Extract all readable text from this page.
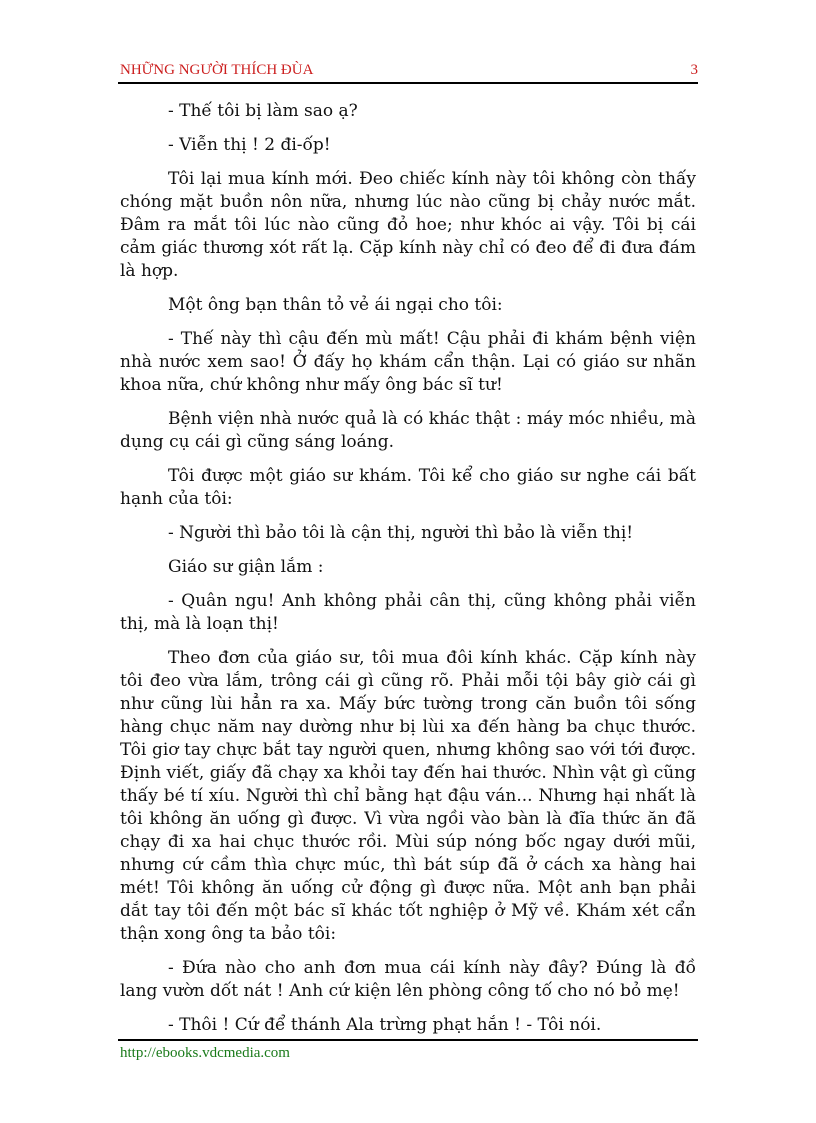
NHỮNG NGƯỜI THÍCH ĐÙA	3

- Thế tôi bị làm sao ạ?

- Viễn thị ! 2 đi-ốp!

Tôi lại mua kính mới. Đeo chiếc kính này tôi không còn thấy chóng mặt buồn nôn nữa, nhưng lúc nào cũng bị chảy nước mắt. Đâm ra mắt tôi lúc nào cũng đỏ hoe; như khóc ai vậy. Tôi bị cái cảm giác thương xót rất lạ. Cặp kính này chỉ có đeo để đi đưa đám là hợp.

Một ông bạn thân tỏ vẻ ái ngại cho tôi:

- Thế này thì cậu đến mù mất! Cậu phải đi khám bệnh viện nhà nước xem sao! Ở đấy họ khám cẩn thận. Lại có giáo sư nhãn khoa nữa, chứ không như mấy ông bác sĩ tư!

Bệnh viện nhà nước quả là có khác thật : máy móc nhiều, mà dụng cụ cái gì cũng sáng loáng.

Tôi được một giáo sư khám. Tôi kể cho giáo sư nghe cái bất hạnh của tôi:

- Người thì bảo tôi là cận thị, người thì bảo là viễn thị!

Giáo sư giận lắm :

- Quân ngu! Anh không phải cân thị, cũng không phải viễn thị, mà là loạn thị!

Theo đơn của giáo sư, tôi mua đôi kính khác. Cặp kính này tôi đeo vừa lắm, trông cái gì cũng rõ. Phải mỗi tội bây giờ cái gì như cũng lùi hẳn ra xa. Mấy bức tường trong căn buồn tôi sống hàng chục năm nay dường như bị lùi xa đến hàng ba chục thước. Tôi giơ tay chực bắt tay người quen, nhưng không sao với tới được. Định viết, giấy đã chạy xa khỏi tay đến hai thước. Nhìn vật gì cũng thấy bé tí xíu. Người thì chỉ bằng hạt đậu ván... Nhưng hại nhất là tôi không ăn uống gì được. Vì vừa ngồi vào bàn là đĩa thức ăn đã chạy đi xa hai chục thước rồi. Mùi súp nóng bốc ngay dưới mũi, nhưng cứ cầm thìa chực múc, thì bát súp đã ở cách xa hàng hai mét! Tôi không ăn uống cử động gì được nữa. Một anh bạn phải dắt tay tôi đến một bác sĩ khác tốt nghiệp ở Mỹ về. Khám xét cẩn thận xong ông ta bảo tôi:

- Đứa nào cho anh đơn mua cái kính này đây? Đúng là đồ lang vườn dốt nát ! Anh cứ kiện lên phòng công tố cho nó bỏ mẹ!

- Thôi ! Cứ để thánh Ala trừng phạt hắn ! - Tôi nói.

http://ebooks.vdcmedia.com
